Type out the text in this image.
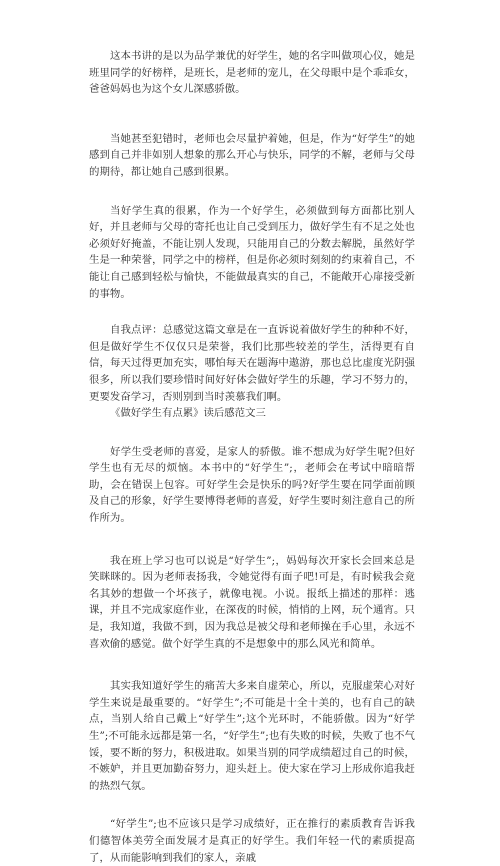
这本书讲的是以为品学兼优的好学生，她的名字叫做项心仪，她是班里同学的好榜样，是班长，是老师的宠儿，在父母眼中是个乖乖女，爸爸妈妈也为这个女儿深感骄傲。

当她甚至犯错时，老师也会尽量护着她，但是，作为“好学生”的她感到自己并非如别人想象的那么开心与快乐，同学的不解，老师与父母的期待，都让她自己感到很累。

当好学生真的很累，作为一个好学生，必须做到每方面都比别人好，并且老师与父母的寄托也让自己受到压力，做好学生有不足之处也必须好好掩盖，不能让别人发现，只能用自己的分数去解脱，虽然好学生是一种荣誉，同学之中的榜样，但是你必须时刻刻的约束着自己，不能让自己感到轻松与愉快，不能做最真实的自己，不能敞开心扉接受新的事物。

自我点评：总感觉这篇文章是在一直诉说着做好学生的种种不好，但是做好学生不仅仅只是荣誉，我们比那些较差的学生，活得更有自信，每天过得更加充实，哪怕每天在题海中遨游，那也总比虚度光阴强很多，所以我们要珍惜时间好好体会做好学生的乐趣，学习不努力的，更要发奋学习，否则别到当时羡慕我们啊。

《做好学生有点累》读后感范文三

好学生受老师的喜爱，是家人的骄傲。谁不想成为好学生呢?但好学生也有无尽的烦恼。本书中的“好学生”;，老师会在考试中暗暗帮助，会在错误上包容。可好学生会是快乐的吗?好学生要在同学面前顾及自己的形象，好学生要博得老师的喜爱，好学生要时刻注意自己的所作所为。

我在班上学习也可以说是“好学生”;，妈妈每次开家长会回来总是笑眯眯的。因为老师表扬我，令她觉得有面子吧!可是，有时候我会竟名其妙的想做一个坏孩子，就像电视。小说。报纸上描述的那样：逃课，并且不完成家庭作业，在深夜的时候，悄悄的上网，玩个通宵。只是，我知道，我做不到，因为我总是被父母和老师操在手心里，永远不喜欢偷的感觉。做个好学生真的不是想象中的那么风光和简单。

其实我知道好学生的痛苦大多来自虚荣心，所以，克服虚荣心对好学生来说是最重要的。“好学生”;不可能是十全十美的，也有自己的缺点，当别人给自己戴上“好学生”;这个光环时，不能骄傲。因为“好学生”;不可能永远都是第一名，“好学生”;也有失败的时候，失败了也不气馁，要不断的努力，积极进取。如果当别的同学成绩超过自己的时候，不嫉妒，并且更加勤奋努力，迎头赶上。使大家在学习上形成你追我赶的热烈气氛。

“好学生”;也不应该只是学习成绩好，正在推行的素质教育告诉我们德智体美劳全面发展才是真正的好学生。我们年轻一代的素质提高了，从而能影响到我们的家人，亲戚
